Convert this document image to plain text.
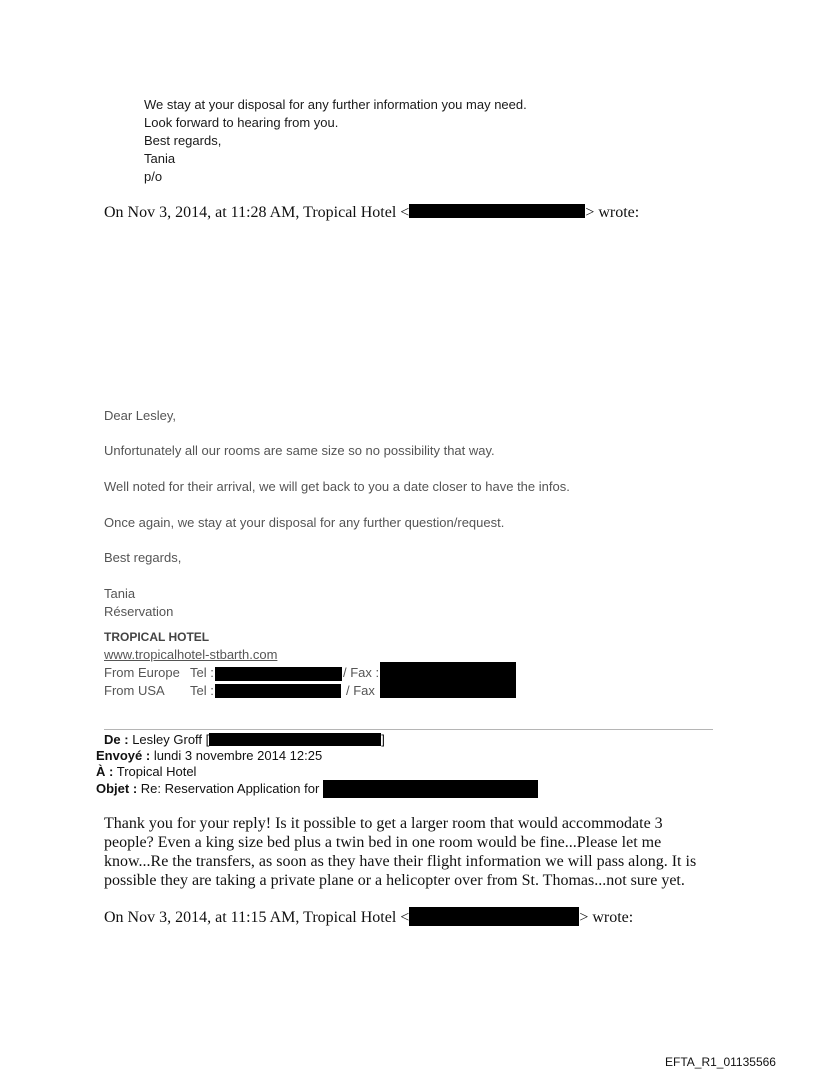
We stay at your disposal for any further information you may need.
Look forward to hearing from you.
Best regards,
Tania
p/o
On Nov 3, 2014, at 11:28 AM, Tropical Hotel <	> wrote:
Dear Lesley,
Unfortunately all our rooms are same size so no possibility that way.
Well noted for their arrival, we will get back to you a date closer to have the infos.
Once again, we stay at your disposal for any further question/request.
Best regards,
Tania
Réservation
TROPICAL HOTEL
www.tropicalhotel-stbarth.com
From Europe Tel :	/ Fax :
From USA Tel :	/ Fax
De : Lesley Groff [	]
Envoyé : lundi 3 novembre 2014 12:25
À : Tropical Hotel
Objet : Re: Reservation Application for
Thank you for your reply! Is it possible to get a larger room that would accommodate 3
people? Even a king size bed plus a twin bed in one room would be fine...Please let me
know...Re the transfers, as soon as they have their flight information we will pass along. It is
possible they are taking a private plane or a helicopter over from St. Thomas...not sure yet.
On Nov 3, 2014, at 11:15 AM, Tropical Hotel <	> wrote:
EFTA_R1_01135566
